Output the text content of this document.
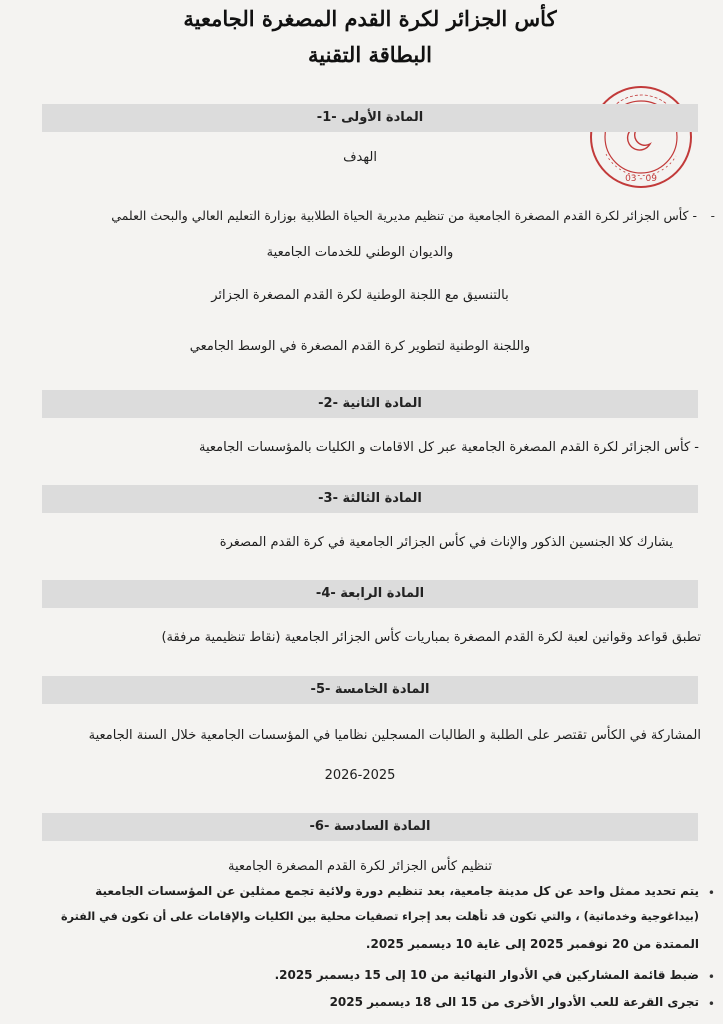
كأس الجزائر لكرة القدم المصغرة الجامعية
البطاقة التقنية
03 - 09
المادة الأولى -1-
الهدف
-
- كأس الجزائر لكرة القدم المصغرة الجامعية من تنظيم مديرية الحياة الطلابية بوزارة التعليم العالي والبحث العلمي
والديوان الوطني للخدمات الجامعية
بالتنسيق مع اللجنة الوطنية لكرة القدم المصغرة الجزائر
واللجنة الوطنية لتطوير كرة القدم المصغرة في الوسط الجامعي
المادة الثانية -2-
- كأس الجزائر لكرة القدم المصغرة الجامعية عبر كل الاقامات و الكليات بالمؤسسات الجامعية
المادة الثالثة -3-
يشارك كلا الجنسين الذكور والإناث في كأس الجزائر الجامعية في كرة القدم المصغرة
المادة الرابعة -4-
تطبق قواعد وقوانين لعبة لكرة القدم المصغرة بمباريات كأس الجزائر الجامعية (نقاط تنظيمية مرفقة)
المادة الخامسة -5-
المشاركة في الكأس تقتصر على الطلبة و الطالبات المسجلين نظاميا في المؤسسات الجامعية خلال السنة الجامعية
2026-2025
المادة السادسة -6-
تنظيم كأس الجزائر لكرة القدم المصغرة الجامعية
•
يتم تحديد ممثل واحد عن كل مدينة جامعية، بعد تنظيم دورة ولائية تجمع ممثلين عن المؤسسات الجامعية
(بيداغوجية وخدماتية) ، والتي تكون قد تأهلت بعد إجراء تصفيات محلية بين الكليات والإقامات على أن تكون في الفترة
الممتدة من 20 نوفمبر 2025 إلى غاية 10 ديسمبر 2025.
•
ضبط قائمة المشاركين في الأدوار النهائية من 10 إلى 15 ديسمبر 2025.
•
تجرى القرعة للعب الأدوار الأخرى من 15 الى 18 ديسمبر 2025
